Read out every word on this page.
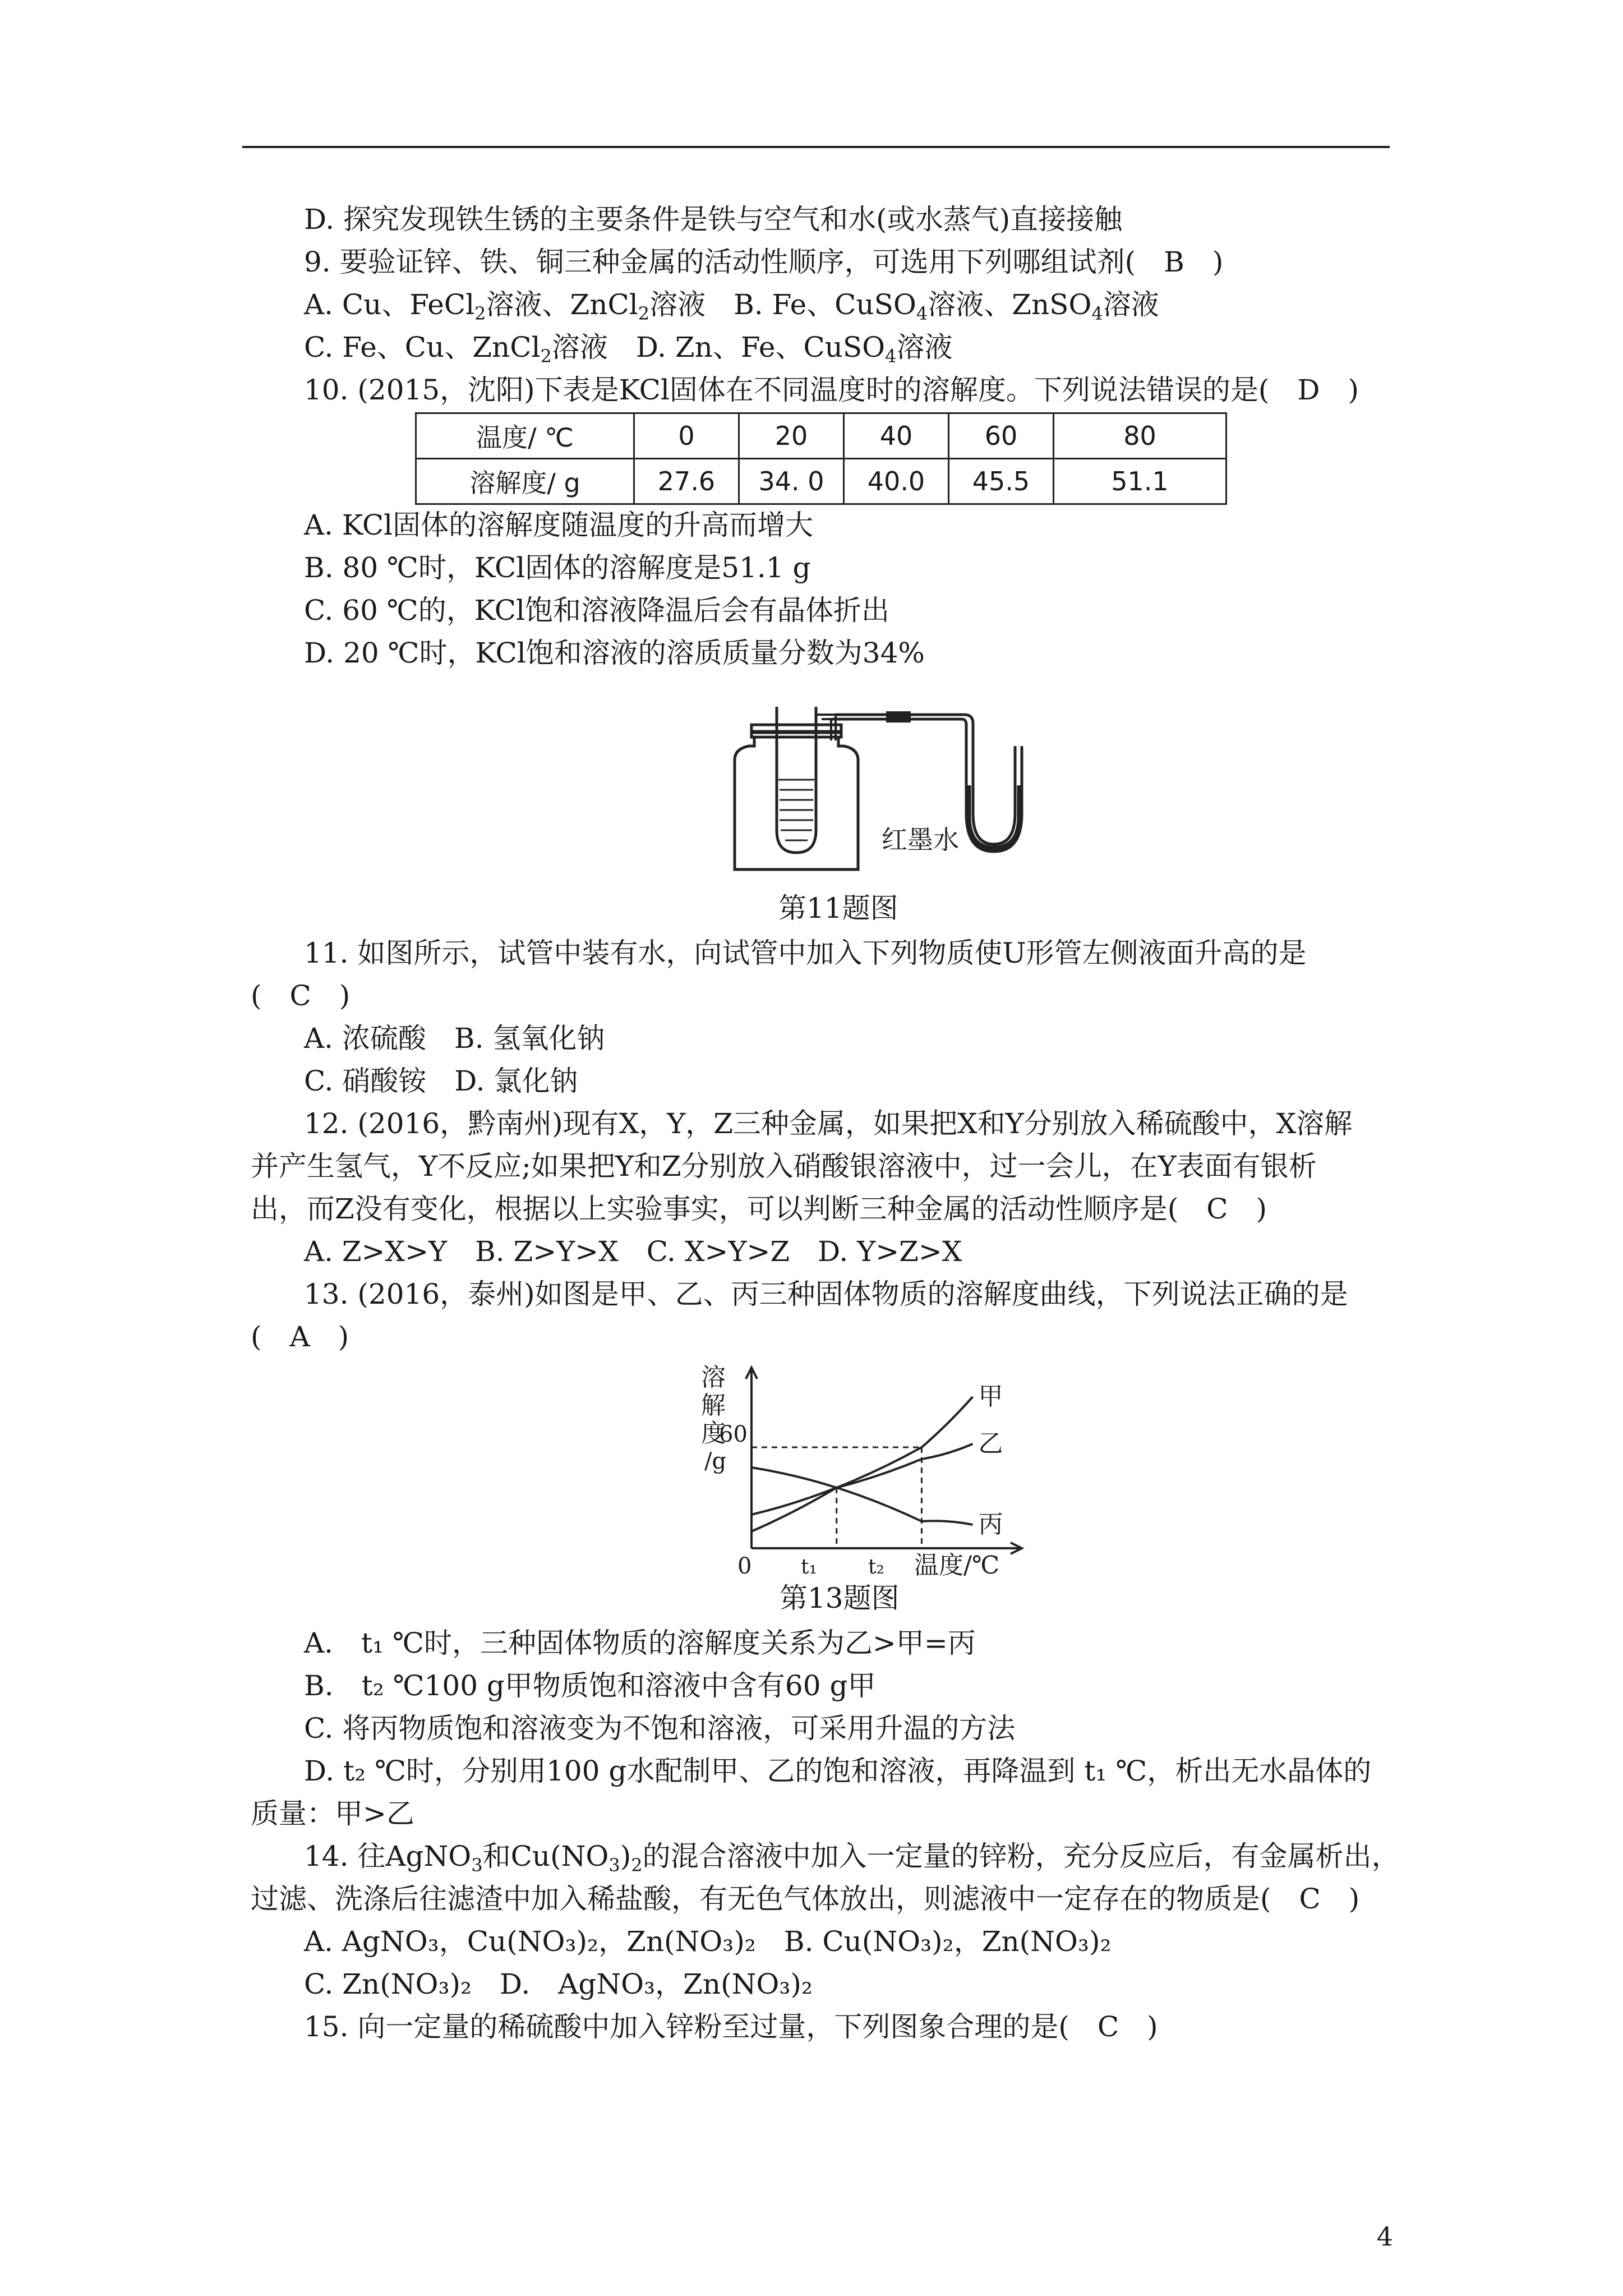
D. 探究发现铁生锈的主要条件是铁与空气和水(或水蒸气)直接接触
9. 要验证锌、铁、铜三种金属的活动性顺序，可选用下列哪组试剂(　B　)
A. Cu、FeCl$_2$溶液、ZnCl$_2$溶液　B. Fe、CuSO$_4$溶液、ZnSO$_4$溶液
C. Fe、Cu、ZnCl$_2$溶液　D. Zn、Fe、CuSO$_4$溶液
10. (2015，沈阳)下表是KCl固体在不同温度时的溶解度。下列说法错误的是(　D　)
温度/ ℃	0	20	40	60	80
溶解度/ g	27.6	34. 0	40.0	45.5	51.1
A. KCl固体的溶解度随温度的升高而增大
B. 80 ℃时，KCl固体的溶解度是51.1 g
C. 60 ℃的，KCl饱和溶液降温后会有晶体折出
D. 20 ℃时，KCl饱和溶液的溶质质量分数为34%
红墨水
第11题图
11. 如图所示，试管中装有水，向试管中加入下列物质使U形管左侧液面升高的是
(　C　)
A. 浓硫酸　B. 氢氧化钠
C. 硝酸铵　D. 氯化钠
12. (2016，黔南州)现有X，Y，Z三种金属，如果把X和Y分别放入稀硫酸中，X溶解
并产生氢气，Y不反应;如果把Y和Z分别放入硝酸银溶液中，过一会儿，在Y表面有银析
出，而Z没有变化，根据以上实验事实，可以判断三种金属的活动性顺序是(　C　)
A. Z>X>Y　B. Z>Y>X　C. X>Y>Z　D. Y>Z>X
13. (2016，泰州)如图是甲、乙、丙三种固体物质的溶解度曲线，下列说法正确的是
(　A　)
甲
乙
丙
溶
解
度
/g
60
0 t₁	t₂ 温度/℃
第13题图
A.　t₁ ℃时，三种固体物质的溶解度关系为乙>甲=丙
B.　t₂ ℃100 g甲物质饱和溶液中含有60 g甲
C. 将丙物质饱和溶液变为不饱和溶液，可采用升温的方法
D. t₂ ℃时，分别用100 g水配制甲、乙的饱和溶液，再降温到 t₁ ℃，析出无水晶体的
质量：甲>乙
14. 往AgNO$_3$和$Cu(NO_3)_2$的混合溶液中加入一定量的锌粉，充分反应后，有金属析出，
过滤、洗涤后往滤渣中加入稀盐酸，有无色气体放出，则滤液中一定存在的物质是(　C　)
A. AgNO₃，Cu(NO₃)₂，Zn(NO₃)₂　B. Cu(NO₃)₂，Zn(NO₃)₂
C. Zn(NO₃)₂　D.　AgNO₃，Zn(NO₃)₂
15. 向一定量的稀硫酸中加入锌粉至过量，下列图象合理的是(　C　)
4
